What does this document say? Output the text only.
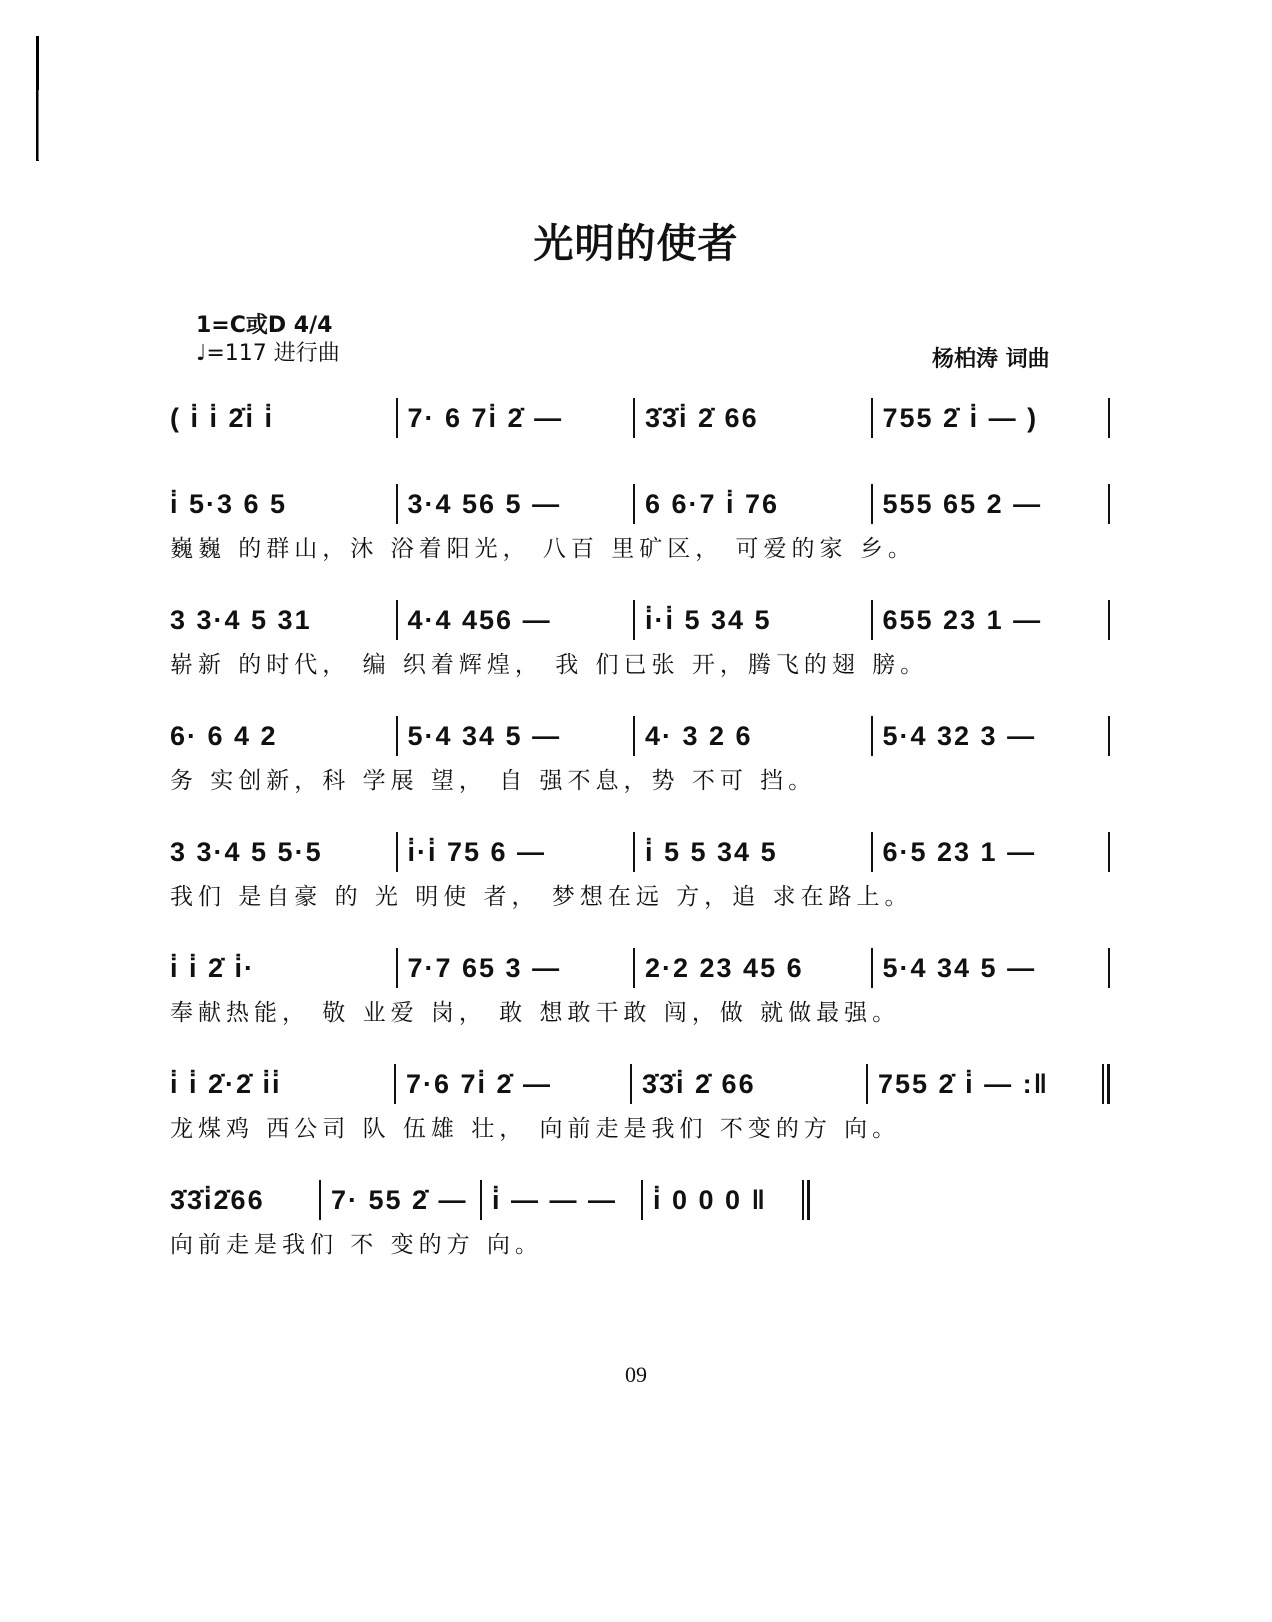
光明的使者
1=C或D 4/4
♩=117 进行曲	杨柏涛 词曲
( i̇ i̇ 2̇i̇ i̇	7· 6 7i̇ 2̇ —	3̇3̇i̇ 2̇ 66	755 2̇ i̇ — )
i̇ 5·3 6 5	3·4 56 5 —	6 6·7 i̇ 76	555 65 2 —
巍巍 的群山，沐 浴着阳光， 八百 里矿区， 可爱的家 乡。
3 3·4 5 31	4·4 456 —	i̇·i̇ 5 34 5	655 23 1 —
崭新 的时代， 编 织着辉煌， 我 们已张 开，腾飞的翅 膀。
6· 6 4 2	5·4 34 5 —	4· 3 2 6	5·4 32 3 —
务 实创新，科 学展 望， 自 强不息，势 不可 挡。
3 3·4 5 5·5	i̇·i̇ 75 6 —	i̇ 5 5 34 5	6·5 23 1 —
我们 是自豪 的 光 明使 者， 梦想在远 方，追 求在路上。
i̇ i̇ 2̇ i̇·	7·7 65 3 —	2·2 23 45 6	5·4 34 5 —
奉献热能， 敬 业爱 岗， 敢 想敢干敢 闯，做 就做最强。
i̇ i̇ 2̇·2̇ i̇i̇	7·6 7i̇ 2̇ —	3̇3̇i̇ 2̇ 66	755 2̇ i̇ — :‖
龙煤鸡 西公司 队 伍雄 壮， 向前走是我们 不变的方 向。
3̇3̇i̇2̇66	7· 55 2̇ — i̇ — — —	i̇ 0 0 0 ‖
向前走是我们 不 变的方 向。
09
